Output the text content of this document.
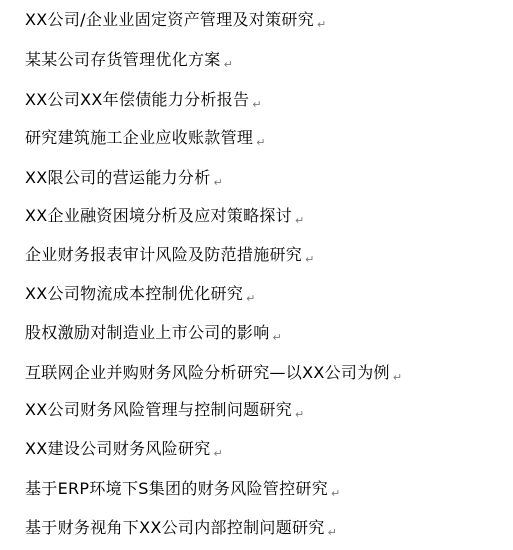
XX公司/企业业固定资产管理及对策研究 ↵
某某公司存货管理优化方案 ↵
XX公司XX年偿债能力分析报告 ↵
研究建筑施工企业应收账款管理 ↵
XX限公司的营运能力分析 ↵
XX企业融资困境分析及应对策略探讨 ↵
企业财务报表审计风险及防范措施研究 ↵
XX公司物流成本控制优化研究 ↵
股权激励对制造业上市公司的影响 ↵
互联网企业并购财务风险分析研究—以XX公司为例 ↵
XX公司财务风险管理与控制问题研究 ↵
XX建设公司财务风险研究 ↵
基于ERP环境下S集团的财务风险管控研究 ↵
基于财务视角下XX公司内部控制问题研究 ↵
